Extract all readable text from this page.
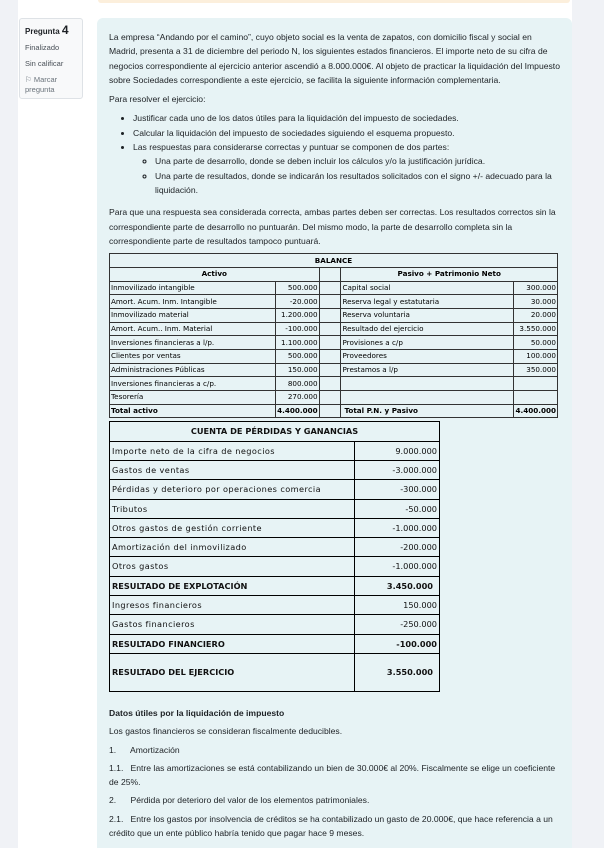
Pregunta 4
Finalizado
Sin calificar
⚐ Marcar pregunta

La empresa “Andando por el camino”, cuyo objeto social es la venta de zapatos, con domicilio fiscal y social en Madrid, presenta a 31 de diciembre del periodo N, los siguientes estados financieros. El importe neto de su cifra de negocios correspondiente al ejercicio anterior ascendió a 8.000.000€. Al objeto de practicar la liquidación del Impuesto sobre Sociedades correspondiente a este ejercicio, se facilita la siguiente información complementaria.

Para resolver el ejercicio:

• Justificar cada uno de los datos útiles para la liquidación del impuesto de sociedades.
• Calcular la liquidación del impuesto de sociedades siguiendo el esquema propuesto.
• Las respuestas para considerarse correctas y puntuar se componen de dos partes:
◦ Una parte de desarrollo, donde se deben incluir los cálculos y/o la justificación jurídica.
◦ Una parte de resultados, donde se indicarán los resultados solicitados con el signo +/- adecuado para la liquidación.

Para que una respuesta sea considerada correcta, ambas partes deben ser correctas. Los resultados correctos sin la correspondiente parte de desarrollo no puntuarán. Del mismo modo, la parte de desarrollo completa sin la correspondiente parte de resultados tampoco puntuará.

BALANCE				
Activo			Pasivo + Patrimonio Neto	
Inmovilizado intangible	500.000		Capital social	300.000
Amort. Acum. Inm. Intangible	-20.000		Reserva legal y estatutaria	30.000
Inmovilizado material	1.200.000		Reserva voluntaria	20.000
Amort. Acum.. Inm. Material	-100.000		Resultado del ejercicio	3.550.000
Inversiones financieras a l/p.	1.100.000		Provisiones a c/p	50.000
Clientes por ventas	500.000		Proveedores	100.000
Administraciones Públicas	150.000		Prestamos a l/p	350.000
Inversiones financieras a c/p.	800.000			
Tesorería	270.000			
Total activo	4.400.000		Total P.N. y Pasivo	4.400.000
CUENTA DE PÉRDIDAS Y GANANCIAS	
Importe neto de la cifra de negocios	9.000.000
Gastos de ventas	-3.000.000
Pérdidas y deterioro por operaciones comercia	-300.000
Tributos	-50.000
Otros gastos de gestión corriente	-1.000.000
Amortización del inmovilizado	-200.000
Otros gastos	-1.000.000
RESULTADO DE EXPLOTACIÓN	3.450.000
Ingresos financieros	150.000
Gastos financieros	-250.000
RESULTADO FINANCIERO	-100.000
RESULTADO DEL EJERCICIO	3.550.000

Datos útiles por la liquidación de impuesto

Los gastos financieros se consideran fiscalmente deducibles.

1.      Amortización

1.1.   Entre las amortizaciones se está contabilizando un bien de 30.000€ al 20%. Fiscalmente se elige un coeficiente de 25%.

2.      Pérdida por deterioro del valor de los elementos patrimoniales.

2.1.   Entre los gastos por insolvencia de créditos se ha contabilizado un gasto de 20.000€, que hace referencia a un crédito que un ente público habría tenido que pagar hace 9 meses.
